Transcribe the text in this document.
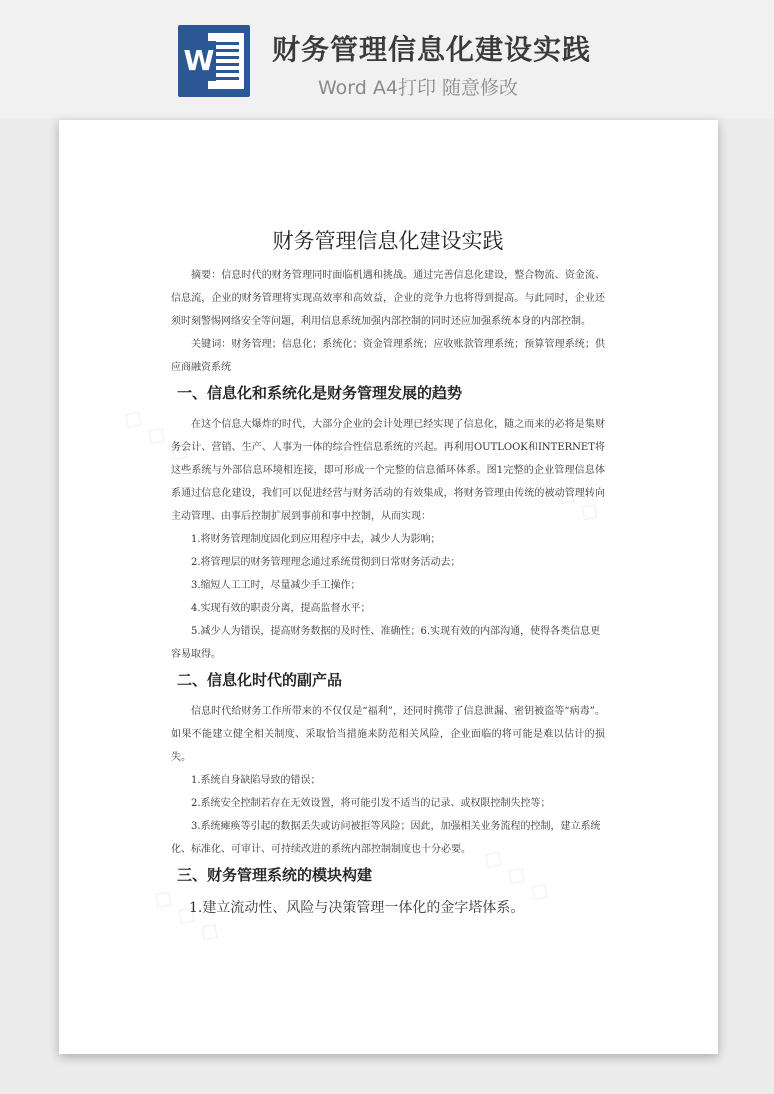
W 财务管理信息化建设实践
Word A4打印 随意修改
◇ ◇ ◇
◇ ◇ ◇
◇ ◇ ◇
◇ ◇ ◇
财务管理信息化建设实践

摘要：信息时代的财务管理同时面临机遇和挑战。通过完善信息化建设，整合物流、资金流、信息流，企业的财务管理将实现高效率和高效益，企业的竞争力也将得到提高。与此同时，企业还须时刻警惕网络安全等问题，利用信息系统加强内部控制的同时还应加强系统本身的内部控制。

关键词：财务管理；信息化；系统化；资金管理系统；应收账款管理系统；预算管理系统；供应商融资系统

一、信息化和系统化是财务管理发展的趋势

在这个信息大爆炸的时代，大部分企业的会计处理已经实现了信息化，随之而来的必将是集财务会计、营销、生产、人事为一体的综合性信息系统的兴起。再利用OUTLOOK和INTERNET将这些系统与外部信息环境相连接，即可形成一个完整的信息循环体系。图1完整的企业管理信息体系通过信息化建设，我们可以促进经营与财务活动的有效集成，将财务管理由传统的被动管理转向主动管理、由事后控制扩展到事前和事中控制，从而实现：

1.将财务管理制度固化到应用程序中去，减少人为影响；

2.将管理层的财务管理理念通过系统贯彻到日常财务活动去；

3.缩短人工工时，尽量减少手工操作；

4.实现有效的职责分离，提高监督水平；

5.减少人为错误，提高财务数据的及时性、准确性；6.实现有效的内部沟通，使得各类信息更容易取得。

二、信息化时代的副产品

信息时代给财务工作所带来的不仅仅是“福利”，还同时携带了信息泄漏、密钥被盗等“病毒”。如果不能建立健全相关制度、采取恰当措施来防范相关风险，企业面临的将可能是难以估计的损失。

1.系统自身缺陷导致的错误；

2.系统安全控制若存在无效设置，将可能引发不适当的记录、或权限控制失控等；

3.系统瘫痪等引起的数据丢失或访问被拒等风险；因此，加强相关业务流程的控制，建立系统化、标准化、可审计、可持续改进的系统内部控制制度也十分必要。

三、财务管理系统的模块构建
1.建立流动性、风险与决策管理一体化的金字塔体系。
